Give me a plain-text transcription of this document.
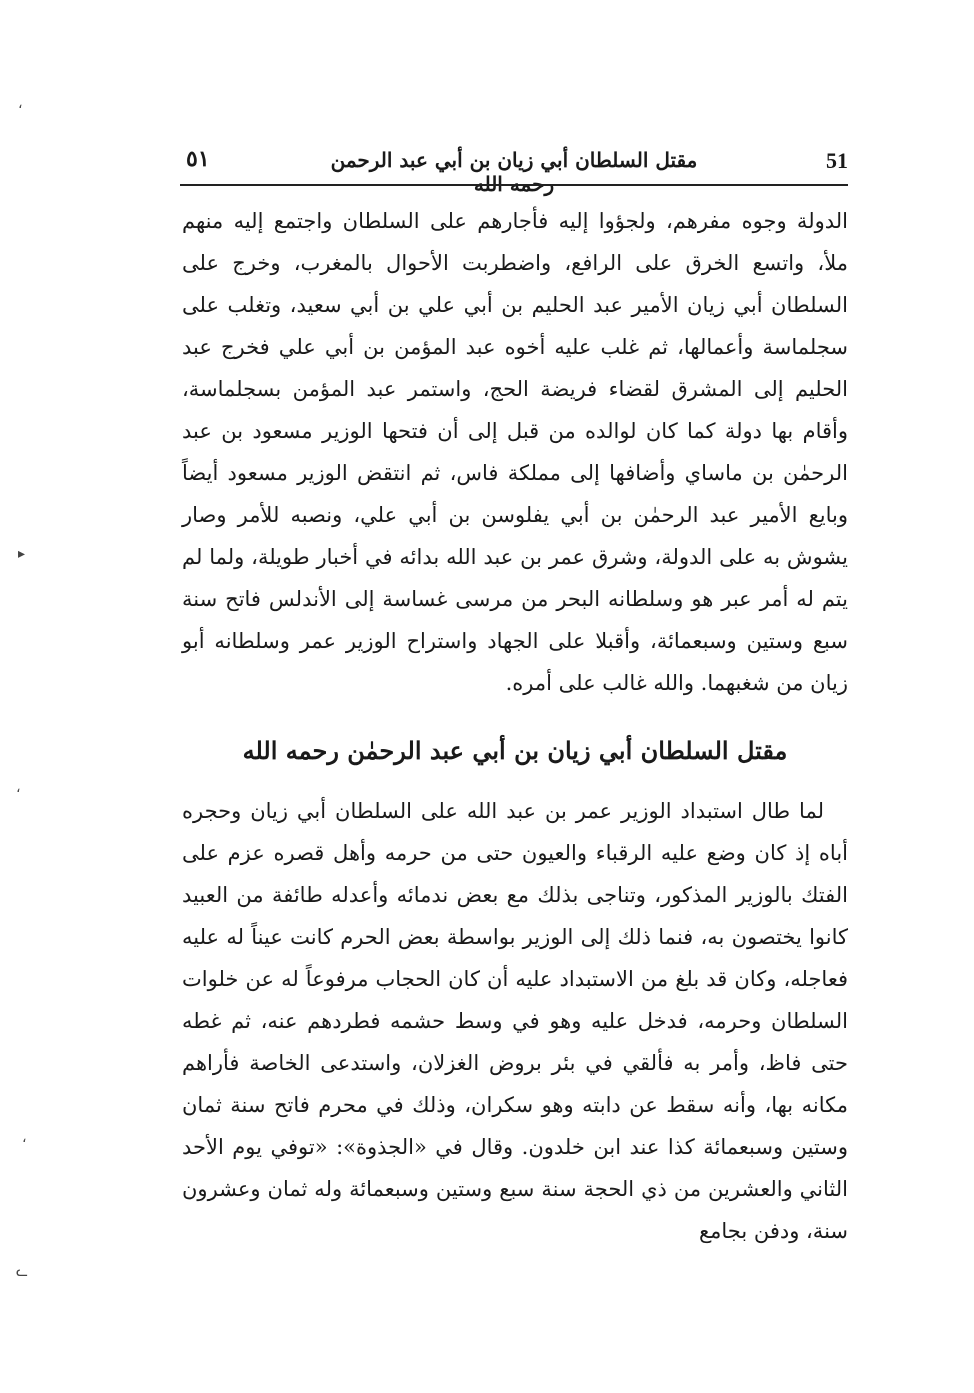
51
مقتل السلطان أبي زيان بن أبي عبد الرحمن رحمه الله
٥١

الدولة وجوه مفرهم، ولجؤوا إليه فأجارهم على السلطان واجتمع إليه منهم ملأ، واتسع الخرق على الرافع، واضطربت الأحوال بالمغرب، وخرج على السلطان أبي زيان الأمير عبد الحليم بن أبي علي بن أبي سعيد، وتغلب على سجلماسة وأعمالها، ثم غلب عليه أخوه عبد المؤمن بن أبي علي فخرج عبد الحليم إلى المشرق لقضاء فريضة الحج، واستمر عبد المؤمن بسجلماسة، وأقام بها دولة كما كان لوالده من قبل إلى أن فتحها الوزير مسعود بن عبد الرحمٰن بن ماساي وأضافها إلى مملكة فاس، ثم انتقض الوزير مسعود أيضاً وبايع الأمير عبد الرحمٰن بن أبي يفلوسن بن أبي علي، ونصبه للأمر وصار يشوش به على الدولة، وشرق عمر بن عبد الله بدائه في أخبار طويلة، ولما لم يتم له أمر عبر هو وسلطانه البحر من مرسى غساسة إلى الأندلس فاتح سنة سبع وستين وسبعمائة، وأقبلا على الجهاد واستراح الوزير عمر وسلطانه أبو زيان من شغبهما. والله غالب على أمره.

مقتل السلطان أبي زيان بن أبي عبد الرحمٰن رحمه الله

لما طال استبداد الوزير عمر بن عبد الله على السلطان أبي زيان وحجره أباه إذ كان وضع عليه الرقباء والعيون حتى من حرمه وأهل قصره عزم على الفتك بالوزير المذكور، وتناجى بذلك مع بعض ندمائه وأعدله طائفة من العبيد كانوا يختصون به، فنما ذلك إلى الوزير بواسطة بعض الحرم كانت عيناً له عليه فعاجله، وكان قد بلغ من الاستبداد عليه أن كان الحجاب مرفوعاً له عن خلوات السلطان وحرمه، فدخل عليه وهو في وسط حشمه فطردهم عنه، ثم غطه حتى فاظ، وأمر به فألقي في بئر بروض الغزلان، واستدعى الخاصة فأراهم مكانه بها، وأنه سقط عن دابته وهو سكران، وذلك في محرم فاتح سنة ثمان وستين وسبعمائة كذا عند ابن خلدون. وقال في «الجذوة»: «توفي يوم الأحد الثاني والعشرين من ذي الحجة سنة سبع وستين وسبعمائة وله ثمان وعشرون سنة، ودفن بجامع

،
▸
،
،
ᓚ
